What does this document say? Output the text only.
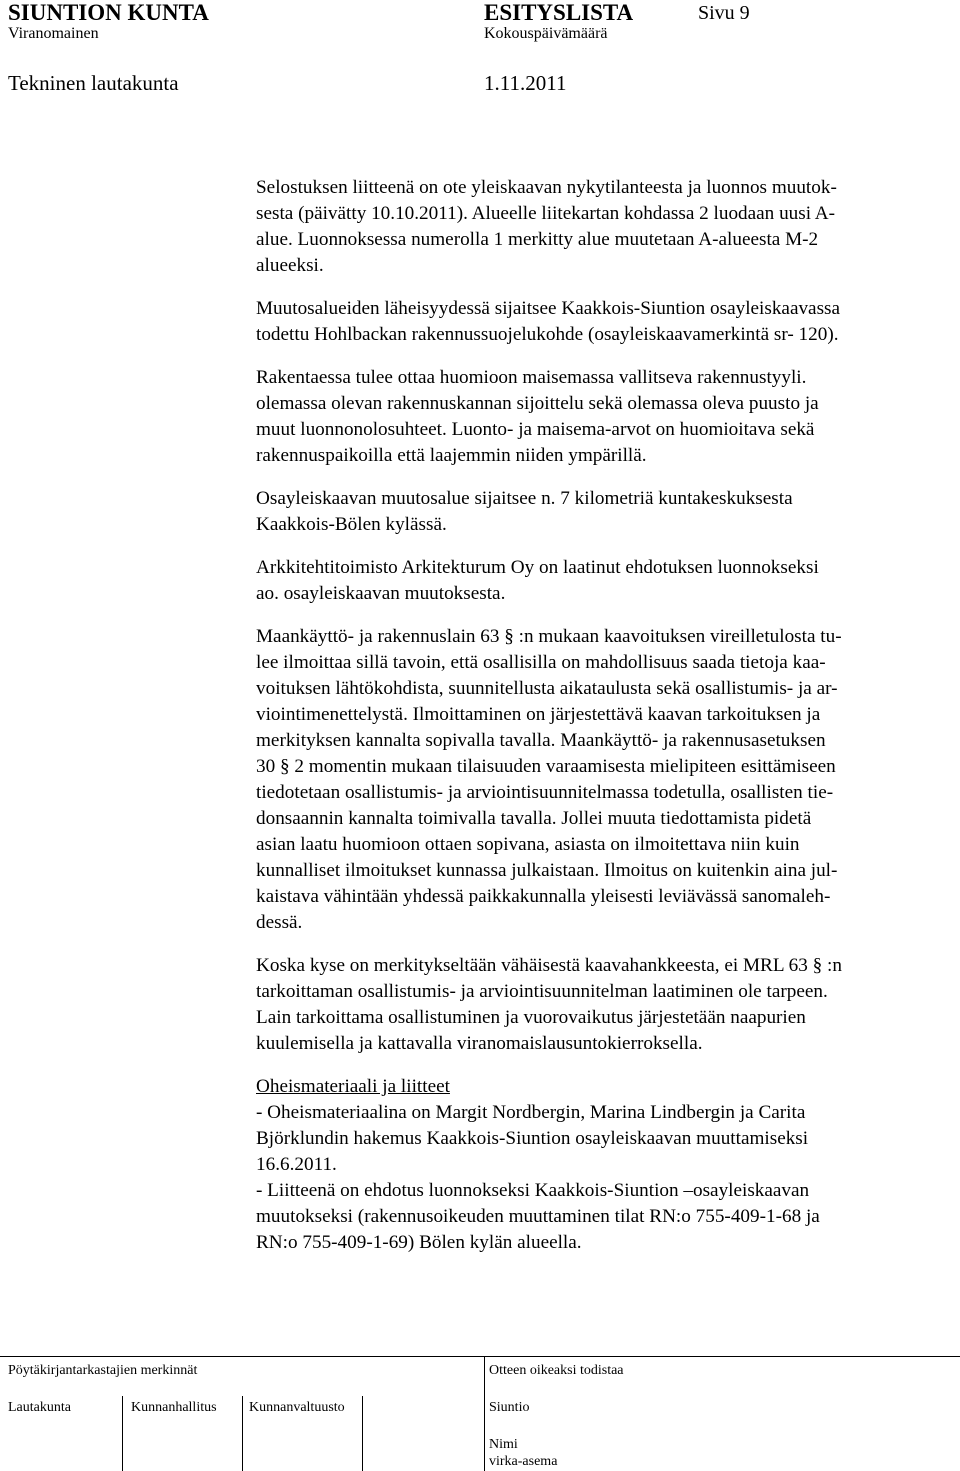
SIUNTION KUNTA
Viranomainen
ESITYSLISTA
Kokouspäivämäärä
Sivu 9
Tekninen lautakunta	1.11.2011

Selostuksen liitteenä on ote yleiskaavan nykytilanteesta ja luonnos muutok-
sesta (päivätty 10.10.2011). Alueelle liitekartan kohdassa 2 luodaan uusi A-
alue. Luonnoksessa numerolla 1 merkitty alue muutetaan A-alueesta M-2
alueeksi.

Muutosalueiden läheisyydessä sijaitsee Kaakkois-Siuntion osayleiskaavassa
todettu Hohlbackan rakennussuojelukohde (osayleiskaavamerkintä sr- 120).

Rakentaessa tulee ottaa huomioon maisemassa vallitseva rakennustyyli.
olemassa olevan rakennuskannan sijoittelu sekä olemassa oleva puusto ja
muut luonnonolosuhteet. Luonto- ja maisema-arvot on huomioitava sekä
rakennuspaikoilla että laajemmin niiden ympärillä.

Osayleiskaavan muutosalue sijaitsee n. 7 kilometriä kuntakeskuksesta
Kaakkois-Bölen kylässä.

Arkkitehtitoimisto Arkitekturum Oy on laatinut ehdotuksen luonnokseksi
ao. osayleiskaavan muutoksesta.

Maankäyttö- ja rakennuslain 63 § :n mukaan kaavoituksen vireilletulosta tu-
lee ilmoittaa sillä tavoin, että osallisilla on mahdollisuus saada tietoja kaa-
voituksen lähtökohdista, suunnitellusta aikataulusta sekä osallistumis- ja ar-
viointimenettelystä. Ilmoittaminen on järjestettävä kaavan tarkoituksen ja
merkityksen kannalta sopivalla tavalla. Maankäyttö- ja rakennusasetuksen
30 § 2 momentin mukaan tilaisuuden varaamisesta mielipiteen esittämiseen
tiedotetaan osallistumis- ja arviointisuunnitelmassa todetulla, osallisten tie-
donsaannin kannalta toimivalla tavalla. Jollei muuta tiedottamista pidetä
asian laatu huomioon ottaen sopivana, asiasta on ilmoitettava niin kuin
kunnalliset ilmoitukset kunnassa julkaistaan. Ilmoitus on kuitenkin aina jul-
kaistava vähintään yhdessä paikkakunnalla yleisesti leviävässä sanomaleh-
dessä.

Koska kyse on merkitykseltään vähäisestä kaavahankkeesta, ei MRL 63 § :n
tarkoittaman osallistumis- ja arviointisuunnitelman laatiminen ole tarpeen.
Lain tarkoittama osallistuminen ja vuorovaikutus järjestetään naapurien
kuulemisella ja kattavalla viranomaislausuntokierroksella.

Oheismateriaali ja liitteet
- Oheismateriaalina on Margit Nordbergin, Marina Lindbergin ja Carita
Björklundin hakemus Kaakkois-Siuntion osayleiskaavan muuttamiseksi
16.6.2011.
- Liitteenä on ehdotus luonnokseksi Kaakkois-Siuntion –osayleiskaavan
muutokseksi (rakennusoikeuden muuttaminen tilat RN:o 755-409-1-68 ja
RN:o 755-409-1-69) Bölen kylän alueella.

Pöytäkirjantarkastajien merkinnät	Otteen oikeaksi todistaa
Lautakunta	Kunnanhallitus Kunnanvaltuusto	Siuntio
Nimi
virka-asema
